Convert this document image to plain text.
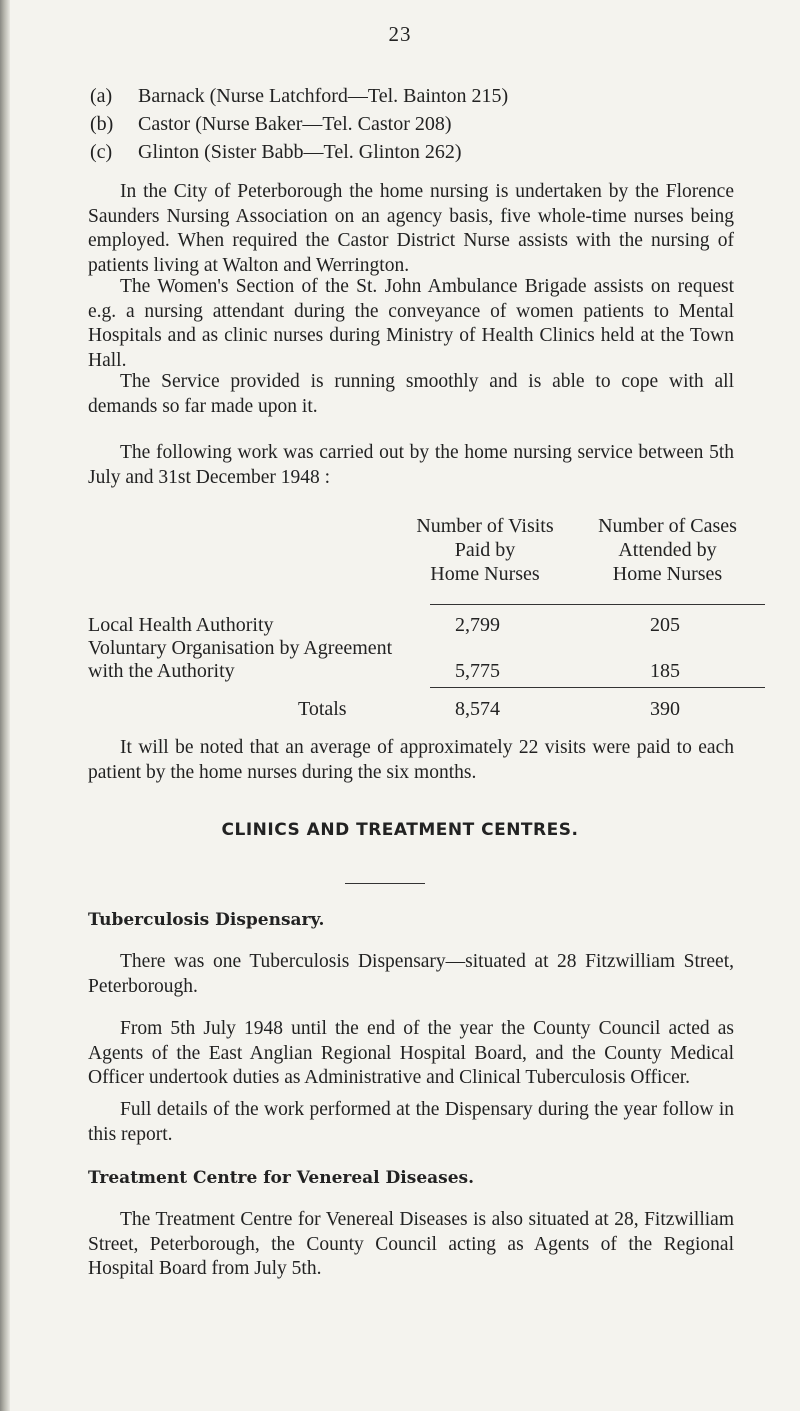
23
(a)	Barnack (Nurse Latchford—Tel. Bainton 215)
(b)	Castor (Nurse Baker—Tel. Castor 208)
(c)	Glinton (Sister Babb—Tel. Glinton 262)

In the City of Peterborough the home nursing is undertaken by the Florence Saunders Nursing Association on an agency basis, five whole-time nurses being employed. When required the Castor District Nurse assists with the nursing of patients living at Walton and Werrington.

The Women's Section of the St. John Ambulance Brigade assists on request e.g. a nursing attendant during the conveyance of women patients to Mental Hospitals and as clinic nurses during Ministry of Health Clinics held at the Town Hall.

The Service provided is running smoothly and is able to cope with all demands so far made upon it.

The following work was carried out by the home nursing service between 5th July and 31st December 1948 :

Number of Visits
Paid by
Home Nurses
Number of Cases
Attended by
Home Nurses
Local Health Authority	2,799	205
Voluntary Organisation by Agreement
with the Authority	5,775	185
Totals	8,574	390

It will be noted that an average of approximately 22 visits were paid to each patient by the home nurses during the six months.

CLINICS AND TREATMENT CENTRES.
Tuberculosis Dispensary.

There was one Tuberculosis Dispensary—situated at 28 Fitzwilliam Street, Peterborough.

From 5th July 1948 until the end of the year the County Council acted as Agents of the East Anglian Regional Hospital Board, and the County Medical Officer undertook duties as Administrative and Clinical Tuberculosis Officer.

Full details of the work performed at the Dispensary during the year follow in this report.

Treatment Centre for Venereal Diseases.

The Treatment Centre for Venereal Diseases is also situated at 28, Fitzwilliam Street, Peterborough, the County Council acting as Agents of the Regional Hospital Board from July 5th.
